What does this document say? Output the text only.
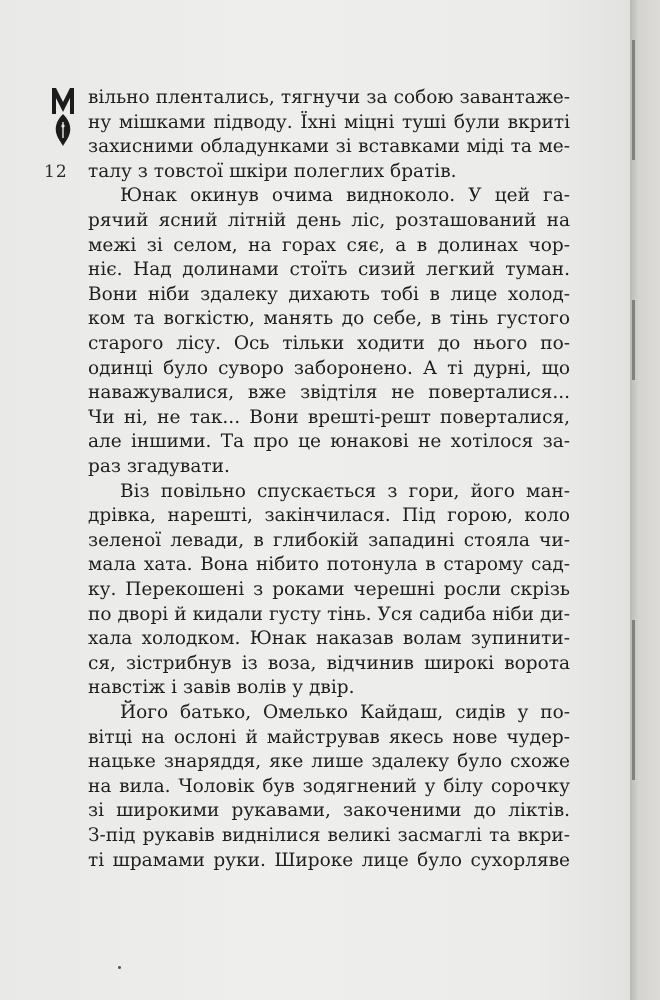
12
вільно плентались, тягнучи за собою завантаже-
ну мішками підводу. Їхні міцні туші були вкриті
захисними обладунками зі вставками міді та ме-
талу з товстої шкіри полеглих братів.
Юнак окинув очима видноколо. У цей га-
рячий ясний літній день ліс, розташований на
межі зі селом, на горах сяє, а в долинах чор-
ніє. Над долинами стоїть сизий легкий туман.
Вони ніби здалеку дихають тобі в лице холод-
ком та вогкістю, манять до себе, в тінь густого
старого лісу. Ось тільки ходити до нього по-
одинці було суворо заборонено. А ті дурні, що
наважувалися, вже звідтіля не поверталися...
Чи ні, не так... Вони врешті-решт поверталися,
але іншими. Та про це юнакові не хотілося за-
раз згадувати.
Віз повільно спускається з гори, його ман-
дрівка, нарешті, закінчилася. Під горою, коло
зеленої левади, в глибокій западині стояла чи-
мала хата. Вона нібито потонула в старому сад-
ку. Перекошені з роками черешні росли скрізь
по дворі й кидали густу тінь. Уся садиба ніби ди-
хала холодком. Юнак наказав волам зупинити-
ся, зістрибнув із воза, відчинив широкі ворота
навстіж і завів волів у двір.
Його батько, Омелько Кайдаш, сидів у по-
вітці на ослоні й майстрував якесь нове чудер-
нацьке знаряддя, яке лише здалеку було схоже
на вила. Чоловік був зодягнений у білу сорочку
зі широкими рукавами, закоченими до ліктів.
З-під рукавів виднілися великі засмаглі та вкри-
ті шрамами руки. Широке лице було сухорляве
